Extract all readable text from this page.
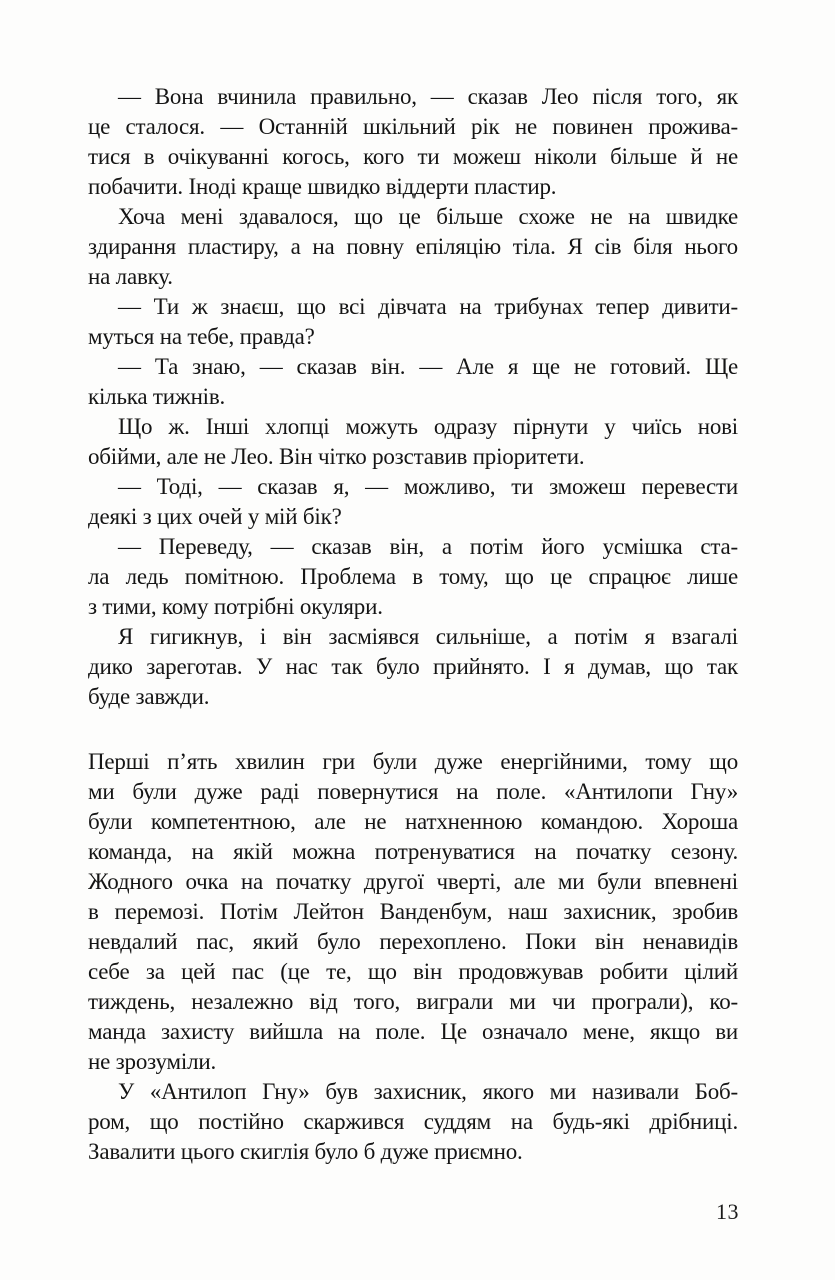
— Вона вчинила правильно, — сказав Лео після того, як
це сталося. — Останній шкільний рік не повинен прожива-
тися в очікуванні когось, кого ти можеш ніколи більше й не
побачити. Іноді краще швидко віддерти пластир.
Хоча мені здавалося, що це більше схоже не на швидке
здирання пластиру, а на повну епіляцію тіла. Я сів біля нього
на лавку.
— Ти ж знаєш, що всі дівчата на трибунах тепер дивити-
муться на тебе, правда?
— Та знаю, — сказав він. — Але я ще не готовий. Ще
кілька тижнів.
Що ж. Інші хлопці можуть одразу пірнути у чиїсь нові
обійми, але не Лео. Він чітко розставив пріоритети.
— Тоді, — сказав я, — можливо, ти зможеш перевести
деякі з цих очей у мій бік?
— Переведу, — сказав він, а потім його усмішка ста-
ла ледь помітною. Проблема в тому, що це спрацює лише
з тими, кому потрібні окуляри.
Я гигикнув, і він засміявся сильніше, а потім я взагалі
дико зареготав. У нас так було прийнято. І я думав, що так
буде завжди.
Перші п’ять хвилин гри були дуже енергійними, тому що
ми були дуже раді повернутися на поле. «Антилопи Гну»
були компетентною, але не натхненною командою. Хороша
команда, на якій можна потренуватися на початку сезону.
Жодного очка на початку другої чверті, але ми були впевнені
в перемозі. Потім Лейтон Ванденбум, наш захисник, зробив
невдалий пас, який було перехоплено. Поки він ненавидів
себе за цей пас (це те, що він продовжував робити цілий
тиждень, незалежно від того, виграли ми чи програли), ко-
манда захисту вийшла на поле. Це означало мене, якщо ви
не зрозуміли.
У «Антилоп Гну» був захисник, якого ми називали Боб-
ром, що постійно скаржився суддям на будь-які дрібниці.
Завалити цього скиглія було б дуже приємно.
13
